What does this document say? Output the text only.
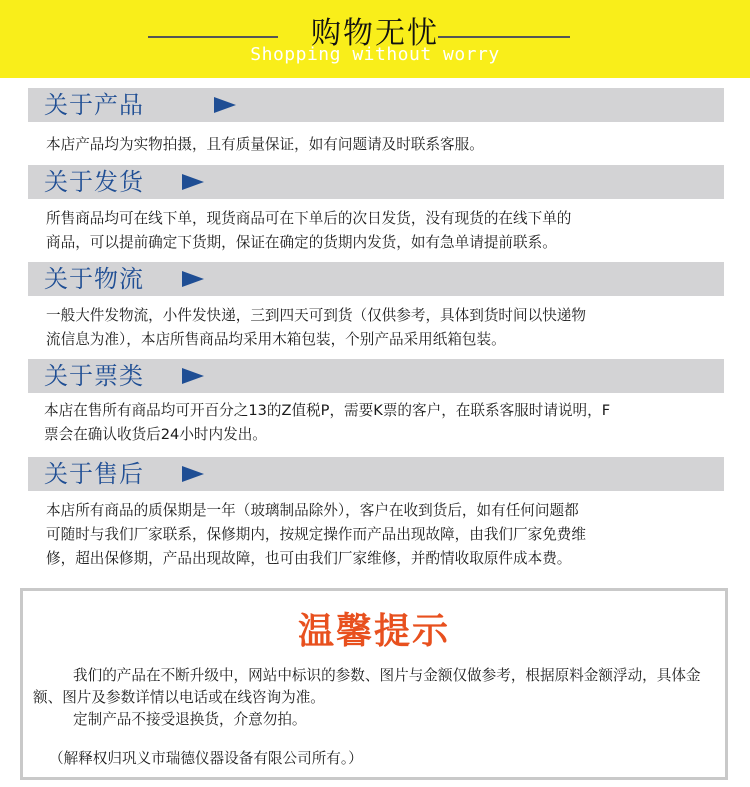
购物无忧
Shopping without worry
关于产品
本店产品均为实物拍摄，且有质量保证，如有问题请及时联系客服。
关于发货
所售商品均可在线下单，现货商品可在下单后的次日发货，没有现货的在线下单的
商品，可以提前确定下货期，保证在确定的货期内发货，如有急单请提前联系。
关于物流
一般大件发物流，小件发快递，三到四天可到货（仅供参考，具体到货时间以快递物
流信息为准），本店所售商品均采用木箱包装，个别产品采用纸箱包装。
关于票类
本店在售所有商品均可开百分之13的Z值税P，需要K票的客户，在联系客服时请说明，F
票会在确认收货后24小时内发出。
关于售后
本店所有商品的质保期是一年（玻璃制品除外），客户在收到货后，如有任何问题都
可随时与我们厂家联系，保修期内，按规定操作而产品出现故障，由我们厂家免费维
修，超出保修期，产品出现故障，也可由我们厂家维修，并酌情收取原件成本费。
温馨提示

我们的产品在不断升级中，网站中标识的参数、图片与金额仅做参考，根据原料金额浮动，具体金额、图片及参数详情以电话或在线咨询为准。

定制产品不接受退换货，介意勿拍。

（解释权归巩义市瑞德仪器设备有限公司所有。）
